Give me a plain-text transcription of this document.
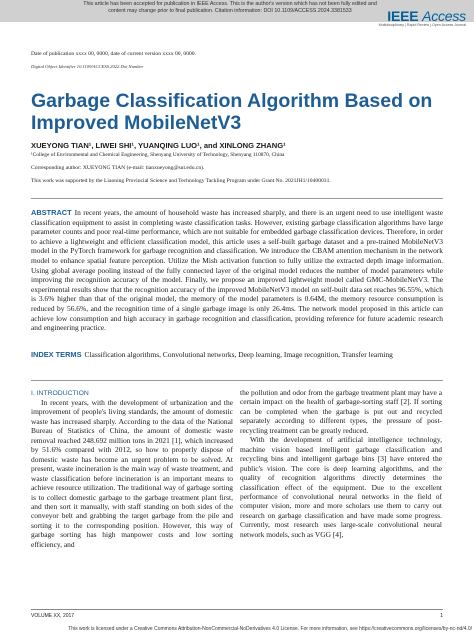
This article has been accepted for publication in IEEE Access. This is the author's version which has not been fully edited and
content may change prior to final publication. Citation information: DOI 10.1109/ACCESS.2024.3381533	IEEE Access
Multidisciplinary | Rapid Review | Open Access Journal
Date of publication xxxx 00, 0000, date of current version xxxx 00, 0000.
Digital Object Identifier 10.1109/ACCESS.2022.Doi Number
Garbage Classification Algorithm Based on Improved MobileNetV3
XUEYONG TIAN¹, LIWEI SHI¹, YUANQING LUO¹, and XINLONG ZHANG¹
¹College of Environmental and Chemical Engineering, Shenyang University of Technology, Shenyang 110870, China
Corresponding author: XUEYONG TIAN (e-mail: tianxueyong@sut.edu.cn).
This work was supported by the Liaoning Provincial Science and Technology Tackling Program under Grant No. 2021JH1/10400031.
ABSTRACT In recent years, the amount of household waste has increased sharply, and there is an urgent need to use intelligent waste classification equipment to assist in completing waste classification tasks. However, existing garbage classification algorithms have large parameter counts and poor real-time performance, which are not suitable for embedded garbage classification devices. Therefore, in order to achieve a lightweight and efficient classification model, this article uses a self-built garbage dataset and a pre-trained MobileNetV3 model in the PyTorch framework for garbage recognition and classification. We introduce the CBAM attention mechanism in the network model to enhance spatial feature perception. Utilize the Mish activation function to fully utilize the extracted depth image information. Using global average pooling instead of the fully connected layer of the original model reduces the number of model parameters while improving the recognition accuracy of the model. Finally, we propose an improved lightweight model called GMC-MobileNetV3. The experimental results show that the recognition accuracy of the improved MobileNetV3 model on self-built data set reaches 96.55%, which is 3.6% higher than that of the original model, the memory of the model parameters is 0.64M, the memory resource consumption is reduced by 56.6%, and the recognition time of a single garbage image is only 26.4ms. The network model proposed in this article can achieve low consumption and high accuracy in garbage recognition and classification, providing reference for future academic research and engineering practice.
INDEX TERMS Classification algorithms, Convolutional networks, Deep learning, Image recognition, Transfer learning
I. INTRODUCTION

In recent years, with the development of urbanization and the improvement of people's living standards, the amount of domestic waste has increased sharply. According to the data of the National Bureau of Statistics of China, the amount of domestic waste removal reached 248.692 million tons in 2021 [1], which increased by 51.6% compared with 2012, so how to properly dispose of domestic waste has become an urgent problem to be solved. At present, waste incineration is the main way of waste treatment, and waste classification before incineration is an important means to achieve resource utilization. The traditional way of garbage sorting is to collect domestic garbage to the garbage treatment plant first, and then sort it manually, with staff standing on both sides of the conveyor belt and grabbing the target garbage from the pile and sorting it to the corresponding position. However, this way of garbage sorting has high manpower costs and low sorting efficiency, and

the pollution and odor from the garbage treatment plant may have a certain impact on the health of garbage-sorting staff [2]. If sorting can be completed when the garbage is put out and recycled separately according to different types, the pressure of post-recycling treatment can be greatly reduced.

With the development of artificial intelligence technology, machine vision based intelligent garbage classification and recycling bins and intelligent garbage bins [3] have entered the public's vision. The core is deep learning algorithms, and the quality of recognition algorithms directly determines the classification effect of the equipment. Due to the excellent performance of convolutional neural networks in the field of computer vision, more and more scholars use them to carry out research on garbage classification and have made some progress. Currently, most research uses large-scale convolutional neural network models, such as VGG [4],

VOLUME XX, 2017	1
This work is licensed under a Creative Commons Attribution-NonCommercial-NoDerivatives 4.0 License. For more information, see https://creativecommons.org/licenses/by-nc-nd/4.0/
